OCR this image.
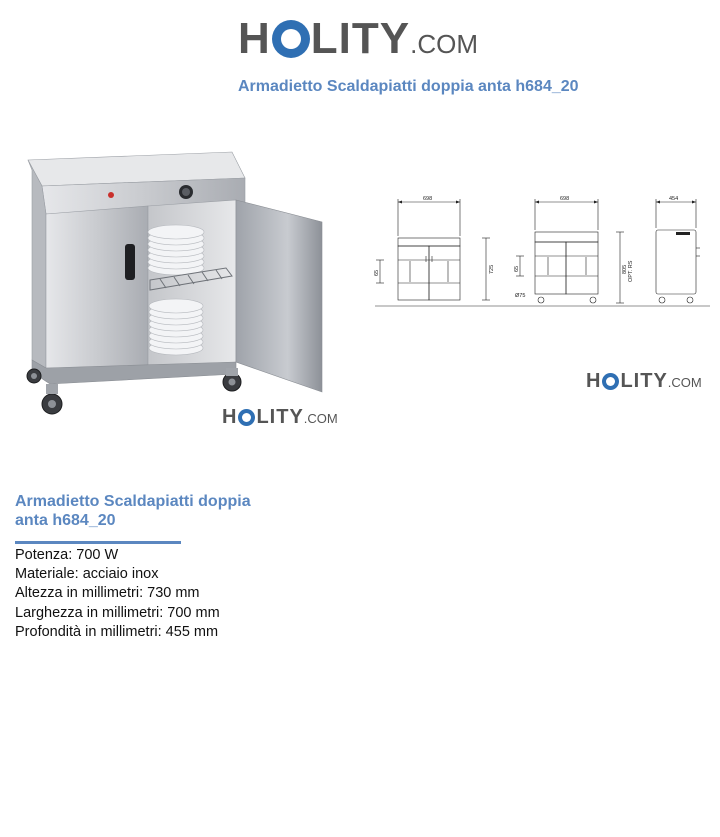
H LITY .COM
Armadietto Scaldapiatti doppia anta h684_20
H LITY .COM
698	698	454
65
65
725	805 OPT. RS
Ø75
H LITY .COM
Armadietto Scaldapiatti doppia anta h684_20
Potenza: 700 W
Materiale: acciaio inox
Altezza in millimetri: 730 mm
Larghezza in millimetri: 700 mm
Profondità in millimetri: 455 mm
